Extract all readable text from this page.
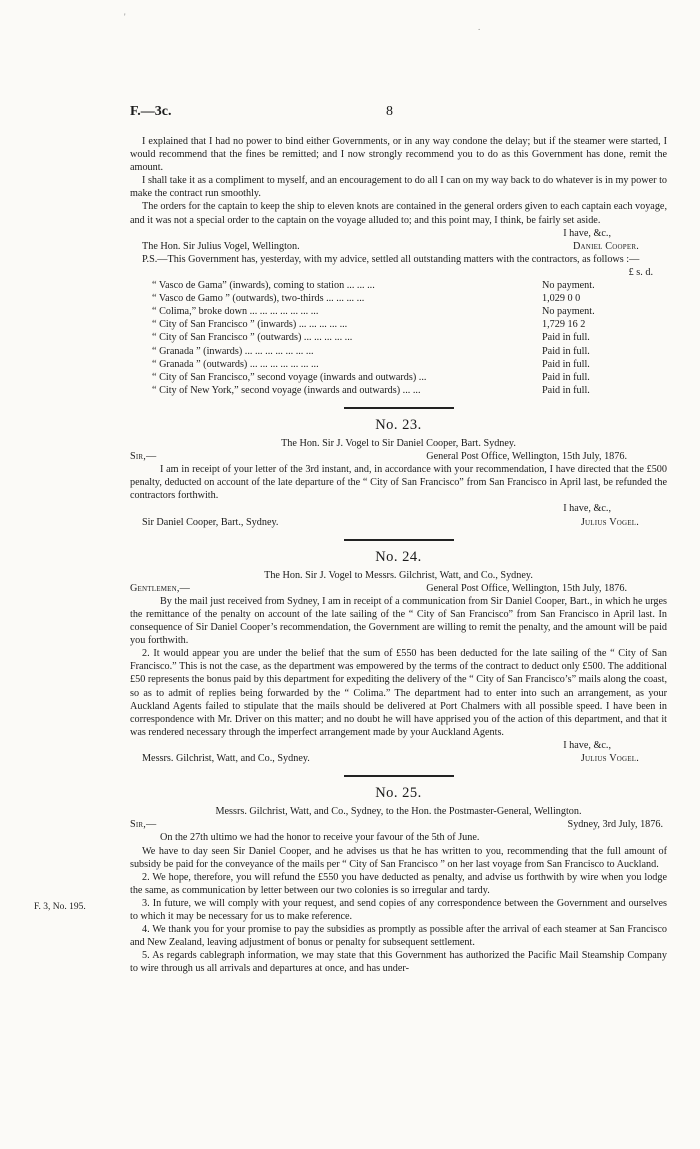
'
.
F. 3, No. 195.
F.—3c.	8

I explained that I had no power to bind either Governments, or in any way condone the delay; but if the steamer were started, I would recommend that the fines be remitted; and I now strongly recommend you to do as this Government has done, remit the amount.

I shall take it as a compliment to myself, and an encouragement to do all I can on my way back to do whatever is in my power to make the contract run smoothly.

The orders for the captain to keep the ship to eleven knots are contained in the general orders given to each captain each voyage, and it was not a special order to the captain on the voyage alluded to; and this point may, I think, be fairly set aside.

I have, &c.,

The Hon. Sir Julius Vogel, Wellington.	Daniel Cooper.

P.S.—This Government has, yesterday, with my advice, settled all outstanding matters with the contractors, as follows :—

£ s. d.
“ Vasco de Gama” (inwards), coming to station ... ... ...	No payment.
“ Vasco de Gamo ” (outwards), two-thirds ... ... ... ...	1,029 0 0
“ Colima,” broke down ... ... ... ... ... ... ...	No payment.
“ City of San Francisco ” (inwards) ... ... ... ... ...	1,729 16 2
“ City of San Francisco ” (outwards) ... ... ... ... ...	Paid in full.
“ Granada ” (inwards) ... ... ... ... ... ... ...	Paid in full.
“ Granada ” (outwards) ... ... ... ... ... ... ...	Paid in full.
“ City of San Francisco,” second voyage (inwards and outwards) ...	Paid in full.
“ City of New York,” second voyage (inwards and outwards) ... ...	Paid in full.
No. 23.

The Hon. Sir J. Vogel to Sir Daniel Cooper, Bart. Sydney.

Sir,—	General Post Office, Wellington, 15th July, 1876.

I am in receipt of your letter of the 3rd instant, and, in accordance with your recommendation, I have directed that the £500 penalty, deducted on account of the late departure of the “ City of San Francisco” from San Francisco in April last, be refunded the contractors forthwith.

I have, &c.,

Sir Daniel Cooper, Bart., Sydney.	Julius Vogel.
No. 24.

The Hon. Sir J. Vogel to Messrs. Gilchrist, Watt, and Co., Sydney.

Gentlemen,—	General Post Office, Wellington, 15th July, 1876.

By the mail just received from Sydney, I am in receipt of a communication from Sir Daniel Cooper, Bart., in which he urges the remittance of the penalty on account of the late sailing of the “ City of San Francisco” from San Francisco in April last. In consequence of Sir Daniel Cooper’s recommendation, the Government are willing to remit the penalty, and the amount will be paid you forthwith.

2. It would appear you are under the belief that the sum of £550 has been deducted for the late sailing of the “ City of San Francisco.” This is not the case, as the department was empowered by the terms of the contract to deduct only £500. The additional £50 represents the bonus paid by this department for expediting the delivery of the “ City of San Francisco’s” mails along the coast, so as to admit of replies being forwarded by the “ Colima.” The department had to enter into such an arrangement, as your Auckland Agents failed to stipulate that the mails should be delivered at Port Chalmers with all possible speed. I have been in correspondence with Mr. Driver on this matter; and no doubt he will have apprised you of the action of this department, and that it was rendered necessary through the imperfect arrangement made by your Auckland Agents.

I have, &c.,

Messrs. Gilchrist, Watt, and Co., Sydney.	Julius Vogel.
No. 25.

Messrs. Gilchrist, Watt, and Co., Sydney, to the Hon. the Postmaster-General, Wellington.

Sir,—	Sydney, 3rd July, 1876.

On the 27th ultimo we had the honor to receive your favour of the 5th of June.

We have to day seen Sir Daniel Cooper, and he advises us that he has written to you, recommending that the full amount of subsidy be paid for the conveyance of the mails per “ City of San Francisco ” on her last voyage from San Francisco to Auckland.

2. We hope, therefore, you will refund the £550 you have deducted as penalty, and advise us forthwith by wire when you lodge the same, as communication by letter between our two colonies is so irregular and tardy.

3. In future, we will comply with your request, and send copies of any correspondence between the Government and ourselves to which it may be necessary for us to make reference.

4. We thank you for your promise to pay the subsidies as promptly as possible after the arrival of each steamer at San Francisco and New Zealand, leaving adjustment of bonus or penalty for subsequent settlement.

5. As regards cablegraph information, we may state that this Government has authorized the Pacific Mail Steamship Company to wire through us all arrivals and departures at once, and has under-
